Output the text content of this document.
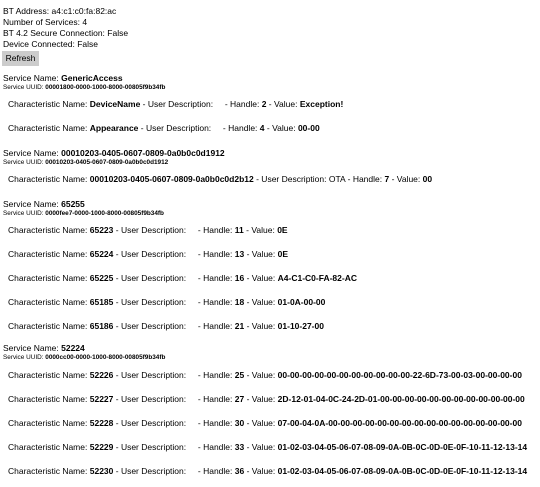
BT Address: a4:c1:c0:fa:82:ac
Number of Services: 4
BT 4.2 Secure Connection: False
Device Connected: False
Refresh
Service Name: GenericAccess
Service UUID: 00001800-0000-1000-8000-00805f9b34fb
Characteristic Name: DeviceName - User Description: - Handle: 2 - Value: Exception!
Characteristic Name: Appearance - User Description: - Handle: 4 - Value: 00-00
Service Name: 00010203-0405-0607-0809-0a0b0c0d1912
Service UUID: 00010203-0405-0607-0809-0a0b0c0d1912
Characteristic Name: 00010203-0405-0607-0809-0a0b0c0d2b12 - User Description: OTA - Handle: 7 - Value: 00
Service Name: 65255
Service UUID: 0000fee7-0000-1000-8000-00805f9b34fb
Characteristic Name: 65223 - User Description: - Handle: 11 - Value: 0E
Characteristic Name: 65224 - User Description: - Handle: 13 - Value: 0E
Characteristic Name: 65225 - User Description: - Handle: 16 - Value: A4-C1-C0-FA-82-AC
Characteristic Name: 65185 - User Description: - Handle: 18 - Value: 01-0A-00-00
Characteristic Name: 65186 - User Description: - Handle: 21 - Value: 01-10-27-00
Service Name: 52224
Service UUID: 0000cc00-0000-1000-8000-00805f9b34fb
Characteristic Name: 52226 - User Description: - Handle: 25 - Value: 00-00-00-00-00-00-00-00-00-00-00-22-6D-73-00-03-00-00-00-00
Characteristic Name: 52227 - User Description: - Handle: 27 - Value: 2D-12-01-04-0C-24-2D-01-00-00-00-00-00-00-00-00-00-00-00-00
Characteristic Name: 52228 - User Description: - Handle: 30 - Value: 07-00-04-0A-00-00-00-00-00-00-00-00-00-00-00-00-00-00-00-00
Characteristic Name: 52229 - User Description: - Handle: 33 - Value: 01-02-03-04-05-06-07-08-09-0A-0B-0C-0D-0E-0F-10-11-12-13-14
Characteristic Name: 52230 - User Description: - Handle: 36 - Value: 01-02-03-04-05-06-07-08-09-0A-0B-0C-0D-0E-0F-10-11-12-13-14
